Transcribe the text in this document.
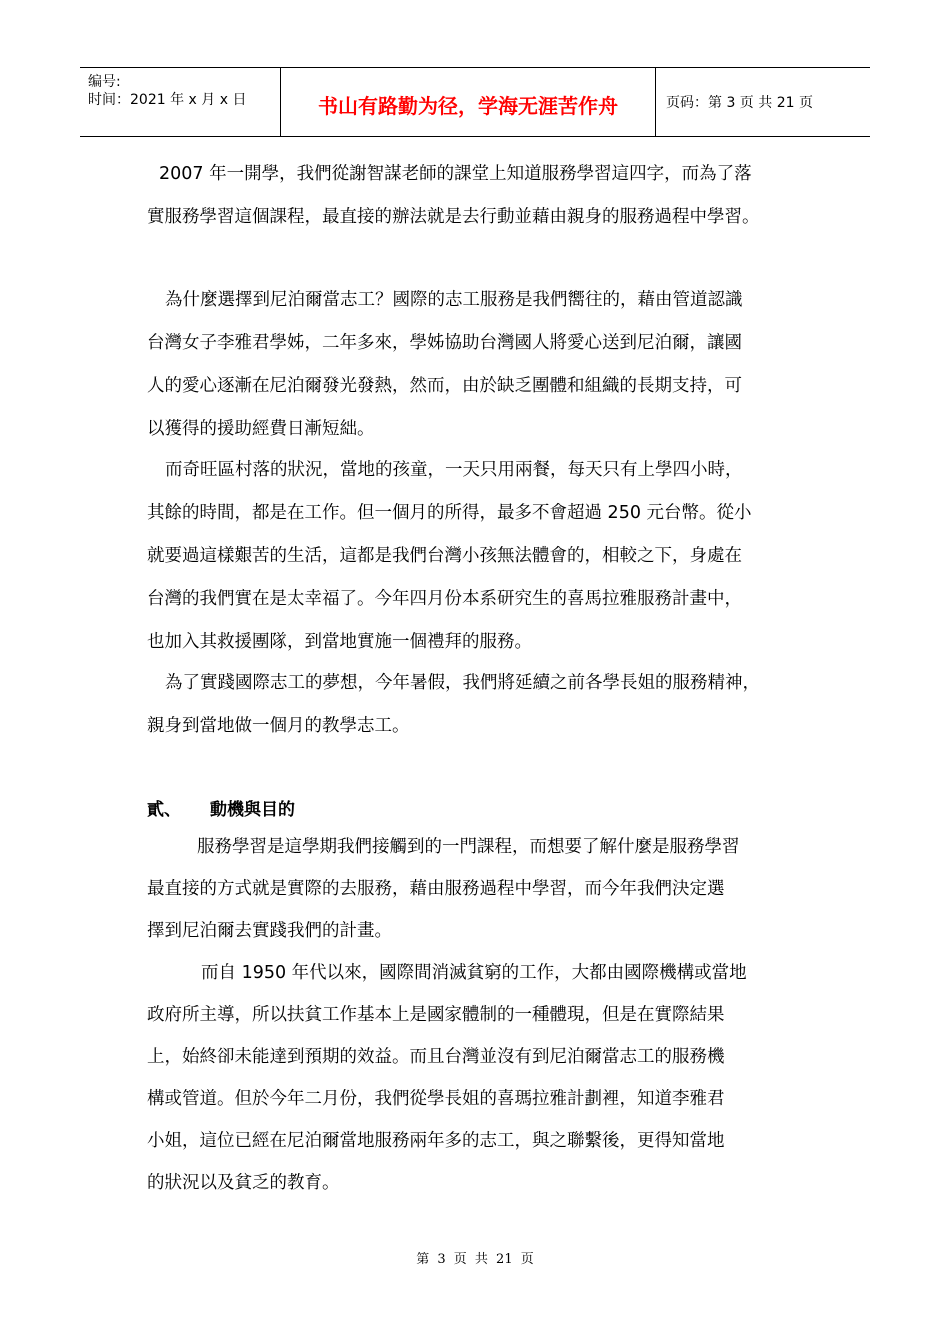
编号:
时间：2021 年 x 月 x 日	书山有路勤为径，学海无涯苦作舟	页码：第 3 页 共 21 页
2007 年一開學，我們從謝智謀老師的課堂上知道服務學習這四字，而為了落
實服務學習這個課程，最直接的辦法就是去行動並藉由親身的服務過程中學習。
為什麼選擇到尼泊爾當志工？國際的志工服務是我們嚮往的，藉由管道認識
台灣女子李雅君學姊，二年多來，學姊協助台灣國人將愛心送到尼泊爾，讓國
人的愛心逐漸在尼泊爾發光發熱，然而，由於缺乏團體和組織的長期支持，可
以獲得的援助經費日漸短絀。
而奇旺區村落的狀況，當地的孩童，一天只用兩餐，每天只有上學四小時，
其餘的時間，都是在工作。但一個月的所得，最多不會超過 250 元台幣。從小
就要過這樣艱苦的生活，這都是我們台灣小孩無法體會的，相較之下，身處在
台灣的我們實在是太幸福了。今年四月份本系研究生的喜馬拉雅服務計畫中，
也加入其救援團隊，到當地實施一個禮拜的服務。
為了實踐國際志工的夢想，今年暑假，我們將延續之前各學長姐的服務精神，
親身到當地做一個月的教學志工。
貳、 動機與目的
服務學習是這學期我們接觸到的一門課程，而想要了解什麼是服務學習
最直接的方式就是實際的去服務，藉由服務過程中學習，而今年我們決定選
擇到尼泊爾去實踐我們的計畫。
而自 1950 年代以來，國際間消滅貧窮的工作，大都由國際機構或當地
政府所主導，所以扶貧工作基本上是國家體制的一種體現，但是在實際結果
上，始終卻未能達到預期的效益。而且台灣並沒有到尼泊爾當志工的服務機
構或管道。但於今年二月份，我們從學長姐的喜瑪拉雅計劃裡，知道李雅君
小姐，這位已經在尼泊爾當地服務兩年多的志工，與之聯繫後，更得知當地
的狀況以及貧乏的教育。
第 3 页 共 21 页
